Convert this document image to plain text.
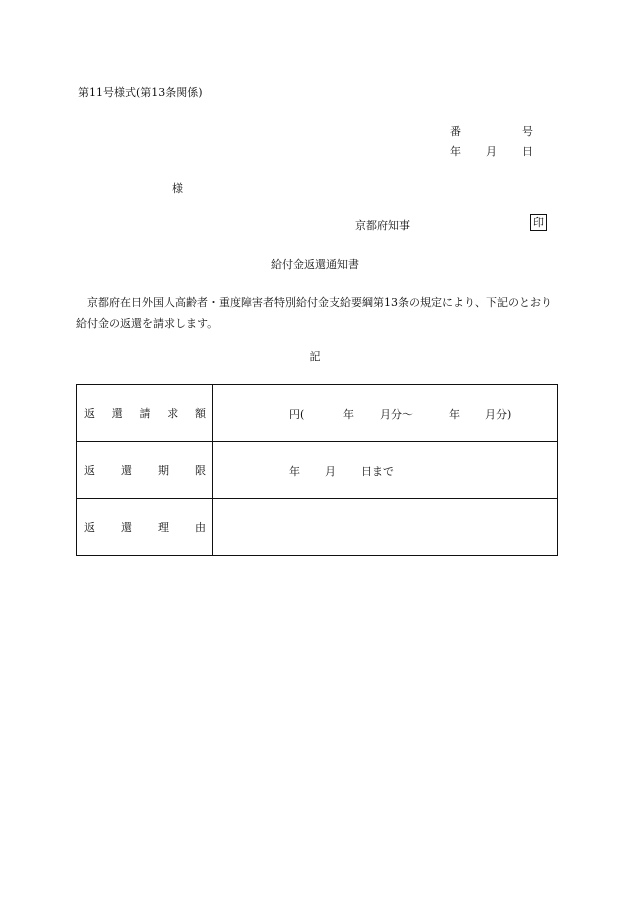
第11号様式(第13条関係)
番	号
年 月 日
様
京都府知事	印
給付金返還通知書
京都府在日外国人高齢者・重度障害者特別給付金支給要綱第13条の規定により、下記のとおり給付金の返還を請求します。
記
返 還 請 求 額	円( 年 月分～ 年 月分)

返 還 期 限	年 月 日まで

返 還 理 由	
